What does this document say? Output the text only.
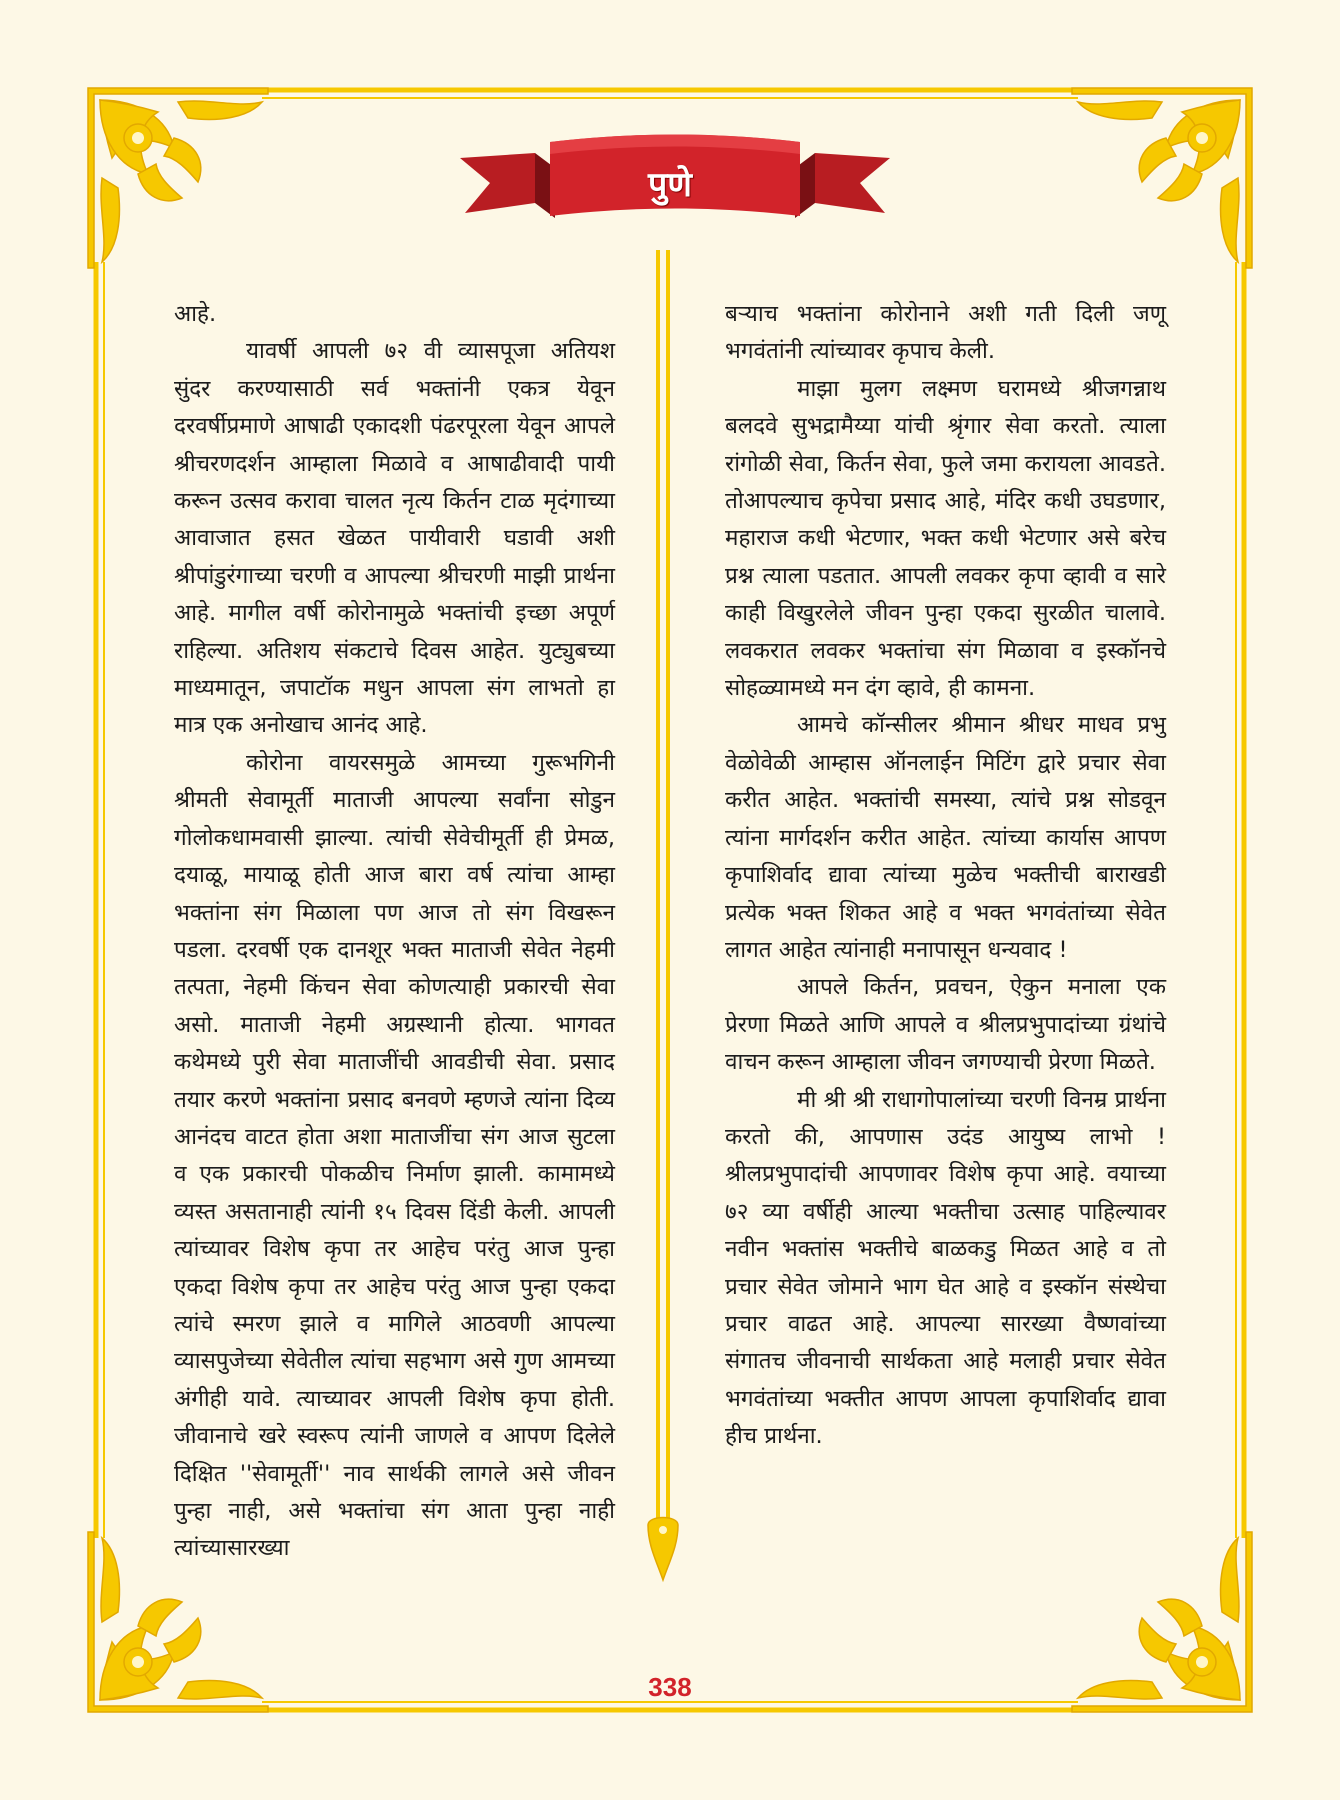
पुणे

आहे.

यावर्षी आपली ७२ वी व्यासपूजा अतियश सुंदर करण्यासाठी सर्व भक्तांनी एकत्र येवून दरवर्षीप्रमाणे आषाढी एकादशी पंढरपूरला येवून आपले श्रीचरणदर्शन आम्हाला मिळावे व आषाढीवादी पायी करून उत्सव करावा चालत नृत्य किर्तन टाळ मृदंगाच्या आवाजात हसत खेळत पायीवारी घडावी अशी श्रीपांडुरंगाच्या चरणी व आपल्या श्रीचरणी माझी प्रार्थना आहे. मागील वर्षी कोरोनामुळे भक्तांची इच्छा अपूर्ण राहिल्या. अतिशय संकटाचे दिवस आहेत. युट्युबच्या माध्यमातून, जपाटॉक मधुन आपला संग लाभतो हा मात्र एक अनोखाच आनंद आहे.

कोरोना वायरसमुळे आमच्या गुरूभगिनी श्रीमती सेवामूर्ती माताजी आपल्या सर्वांना सोडुन गोलोकधामवासी झाल्या. त्यांची सेवेचीमूर्ती ही प्रेमळ, दयाळू, मायाळू होती आज बारा वर्ष त्यांचा आम्हा भक्तांना संग मिळाला पण आज तो संग विखरून पडला. दरवर्षी एक दानशूर भक्त माताजी सेवेत नेहमी तत्पता, नेहमी किंचन सेवा कोणत्याही प्रकारची सेवा असो. माताजी नेहमी अग्रस्थानी होत्या. भागवत कथेमध्ये पुरी सेवा माताजींची आवडीची सेवा. प्रसाद तयार करणे भक्तांना प्रसाद बनवणे म्हणजे त्यांना दिव्य आनंदच वाटत होता अशा माताजींचा संग आज सुटला व एक प्रकारची पोकळीच निर्माण झाली. कामामध्ये व्यस्त असतानाही त्यांनी १५ दिवस दिंडी केली. आपली त्यांच्यावर विशेष कृपा तर आहेच परंतु आज पुन्हा एकदा विशेष कृपा तर आहेच परंतु आज पुन्हा एकदा त्यांचे स्मरण झाले व मागिले आठवणी आपल्या व्यासपुजेच्या सेवेतील त्यांचा सहभाग असे गुण आमच्या अंगीही यावे. त्याच्यावर आपली विशेष कृपा होती. जीवानाचे खरे स्वरूप त्यांनी जाणले व आपण दिलेले दिक्षित ''सेवामूर्ती'' नाव सार्थकी लागले असे जीवन पुन्हा नाही, असे भक्तांचा संग आता पुन्हा नाही त्यांच्यासारख्या

बऱ्याच भक्तांना कोरोनाने अशी गती दिली जणू भगवंतांनी त्यांच्यावर कृपाच केली.

माझा मुलग लक्ष्मण घरामध्ये श्रीजगन्नाथ बलदवे सुभद्रामैय्या यांची श्रृंगार सेवा करतो. त्याला रांगोळी सेवा, किर्तन सेवा, फुले जमा करायला आवडते. तोआपल्याच कृपेचा प्रसाद आहे, मंदिर कधी उघडणार, महाराज कधी भेटणार, भक्त कधी भेटणार असे बरेच प्रश्न त्याला पडतात. आपली लवकर कृपा व्हावी व सारे काही विखुरलेले जीवन पुन्हा एकदा सुरळीत चालावे. लवकरात लवकर भक्तांचा संग मिळावा व इस्कॉनचे सोहळ्यामध्ये मन दंग व्हावे, ही कामना.

आमचे कॉन्सीलर श्रीमान श्रीधर माधव प्रभु वेळोवेळी आम्हास ऑनलाईन मिटिंग द्वारे प्रचार सेवा करीत आहेत. भक्तांची समस्या, त्यांचे प्रश्न सोडवून त्यांना मार्गदर्शन करीत आहेत. त्यांच्या कार्यास आपण कृपाशिर्वाद द्यावा त्यांच्या मुळेच भक्तीची बाराखडी प्रत्येक भक्त शिकत आहे व भक्त भगवंतांच्या सेवेत लागत आहेत त्यांनाही मनापासून धन्यवाद !

आपले किर्तन, प्रवचन, ऐकुन मनाला एक प्रेरणा मिळते आणि आपले व श्रीलप्रभुपादांच्या ग्रंथांचे वाचन करून आम्हाला जीवन जगण्याची प्रेरणा मिळते.

मी श्री श्री राधागोपालांच्या चरणी विनम्र प्रार्थना करतो की, आपणास उदंड आयुष्य लाभो ! श्रीलप्रभुपादांची आपणावर विशेष कृपा आहे. वयाच्या ७२ व्या वर्षीही आल्या भक्तीचा उत्साह पाहिल्यावर नवीन भक्तांस भक्तीचे बाळकडु मिळत आहे व तो प्रचार सेवेत जोमाने भाग घेत आहे व इस्कॉन संस्थेचा प्रचार वाढत आहे. आपल्या सारख्या वैष्णवांच्या संगातच जीवनाची सार्थकता आहे मलाही प्रचार सेवेत भगवंतांच्या भक्तीत आपण आपला कृपाशिर्वाद द्यावा हीच प्रार्थना.

338
